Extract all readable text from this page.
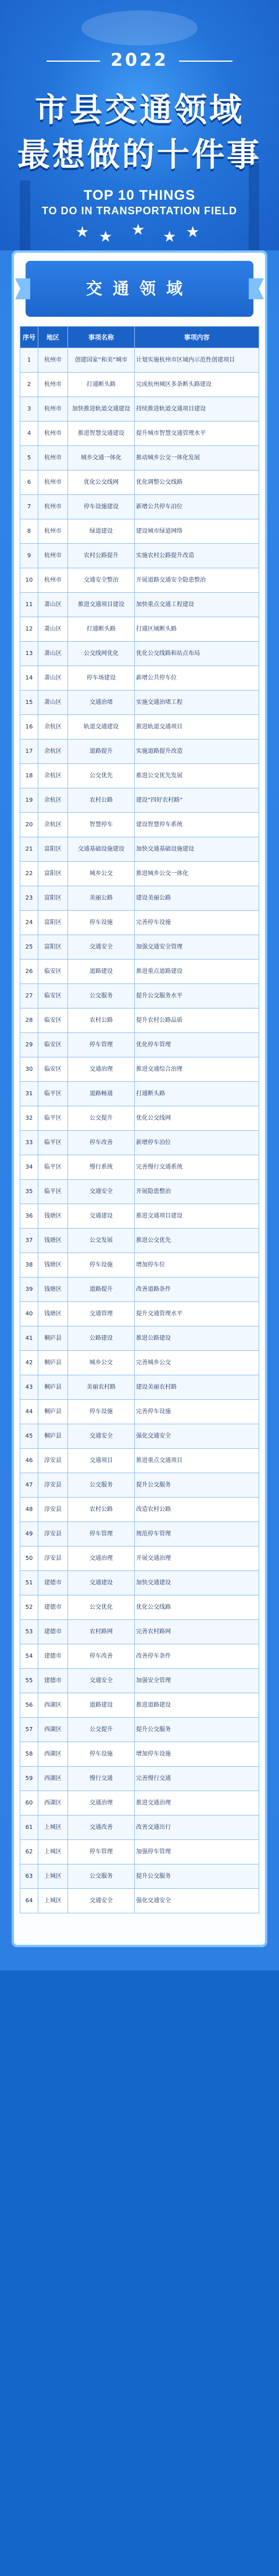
★ ★ ★ ★ ★
2022
市县交通领域
最想做的十件事
TOP 10 THINGS
TO DO IN TRANSPORTATION FIELD
交通领域
序号	地区	事项名称	事项内容
1	杭州市	创建国家“和美”城市	计划实施杭州市区域内示范性创建项目
2	杭州市	打通断头路	完成杭州城区多条断头路建设
3	杭州市	加快推进轨道交通建设	持续推进轨道交通项目建设
4	杭州市	推进智慧交通建设	提升城市智慧交通管理水平
5	杭州市	城乡交通一体化	推动城乡公交一体化发展
6	杭州市	优化公交线网	优化调整公交线路
7	杭州市	停车设施建设	新增公共停车泊位
8	杭州市	绿道建设	建设城市绿道网络
9	杭州市	农村公路提升	实施农村公路提升改造
10	杭州市	交通安全整治	开展道路交通安全隐患整治
11	萧山区	推进交通项目建设	加快重点交通工程建设
12	萧山区	打通断头路	打通区域断头路
13	萧山区	公交线网优化	优化公交线路和站点布局
14	萧山区	停车场建设	新增公共停车位
15	萧山区	交通治堵	实施交通治堵工程
16	余杭区	轨道交通建设	推进轨道交通项目
17	余杭区	道路提升	实施道路提升改造
18	余杭区	公交优先	推进公交优先发展
19	余杭区	农村公路	建设“四好农村路”
20	余杭区	智慧停车	建设智慧停车系统
21	富阳区	交通基础设施建设	加快交通基础设施建设
22	富阳区	城乡公交	推进城乡公交一体化
23	富阳区	美丽公路	建设美丽公路
24	富阳区	停车设施	完善停车设施
25	富阳区	交通安全	加强交通安全管理
26	临安区	道路建设	推进重点道路建设
27	临安区	公交服务	提升公交服务水平
28	临安区	农村公路	提升农村公路品质
29	临安区	停车管理	优化停车管理
30	临安区	交通治理	推进交通综合治理
31	临平区	道路畅通	打通断头路
32	临平区	公交提升	优化公交线网
33	临平区	停车改善	新增停车泊位
34	临平区	慢行系统	完善慢行交通系统
35	临平区	交通安全	开展隐患整治
36	钱塘区	交通建设	推进交通项目建设
37	钱塘区	公交发展	推进公交优先
38	钱塘区	停车设施	增加停车位
39	钱塘区	道路提升	改善道路条件
40	钱塘区	交通管理	提升交通管理水平
41	桐庐县	公路建设	推进公路建设
42	桐庐县	城乡公交	完善城乡公交
43	桐庐县	美丽农村路	建设美丽农村路
44	桐庐县	停车设施	完善停车设施
45	桐庐县	交通安全	强化交通安全
46	淳安县	交通项目	推进重点交通项目
47	淳安县	公交服务	提升公交服务
48	淳安县	农村公路	改造农村公路
49	淳安县	停车管理	规范停车管理
50	淳安县	交通治理	开展交通治理
51	建德市	交通建设	加快交通建设
52	建德市	公交优化	优化公交线路
53	建德市	农村路网	完善农村路网
54	建德市	停车改善	改善停车条件
55	建德市	交通安全	加强安全管理
56	西湖区	道路建设	推进道路建设
57	西湖区	公交提升	提升公交服务
58	西湖区	停车设施	增加停车设施
59	西湖区	慢行交通	完善慢行交通
60	西湖区	交通治理	推进交通治理
61	上城区	交通改善	改善交通出行
62	上城区	停车管理	加强停车管理
63	上城区	公交服务	提升公交服务
64	上城区	交通安全	强化交通安全
